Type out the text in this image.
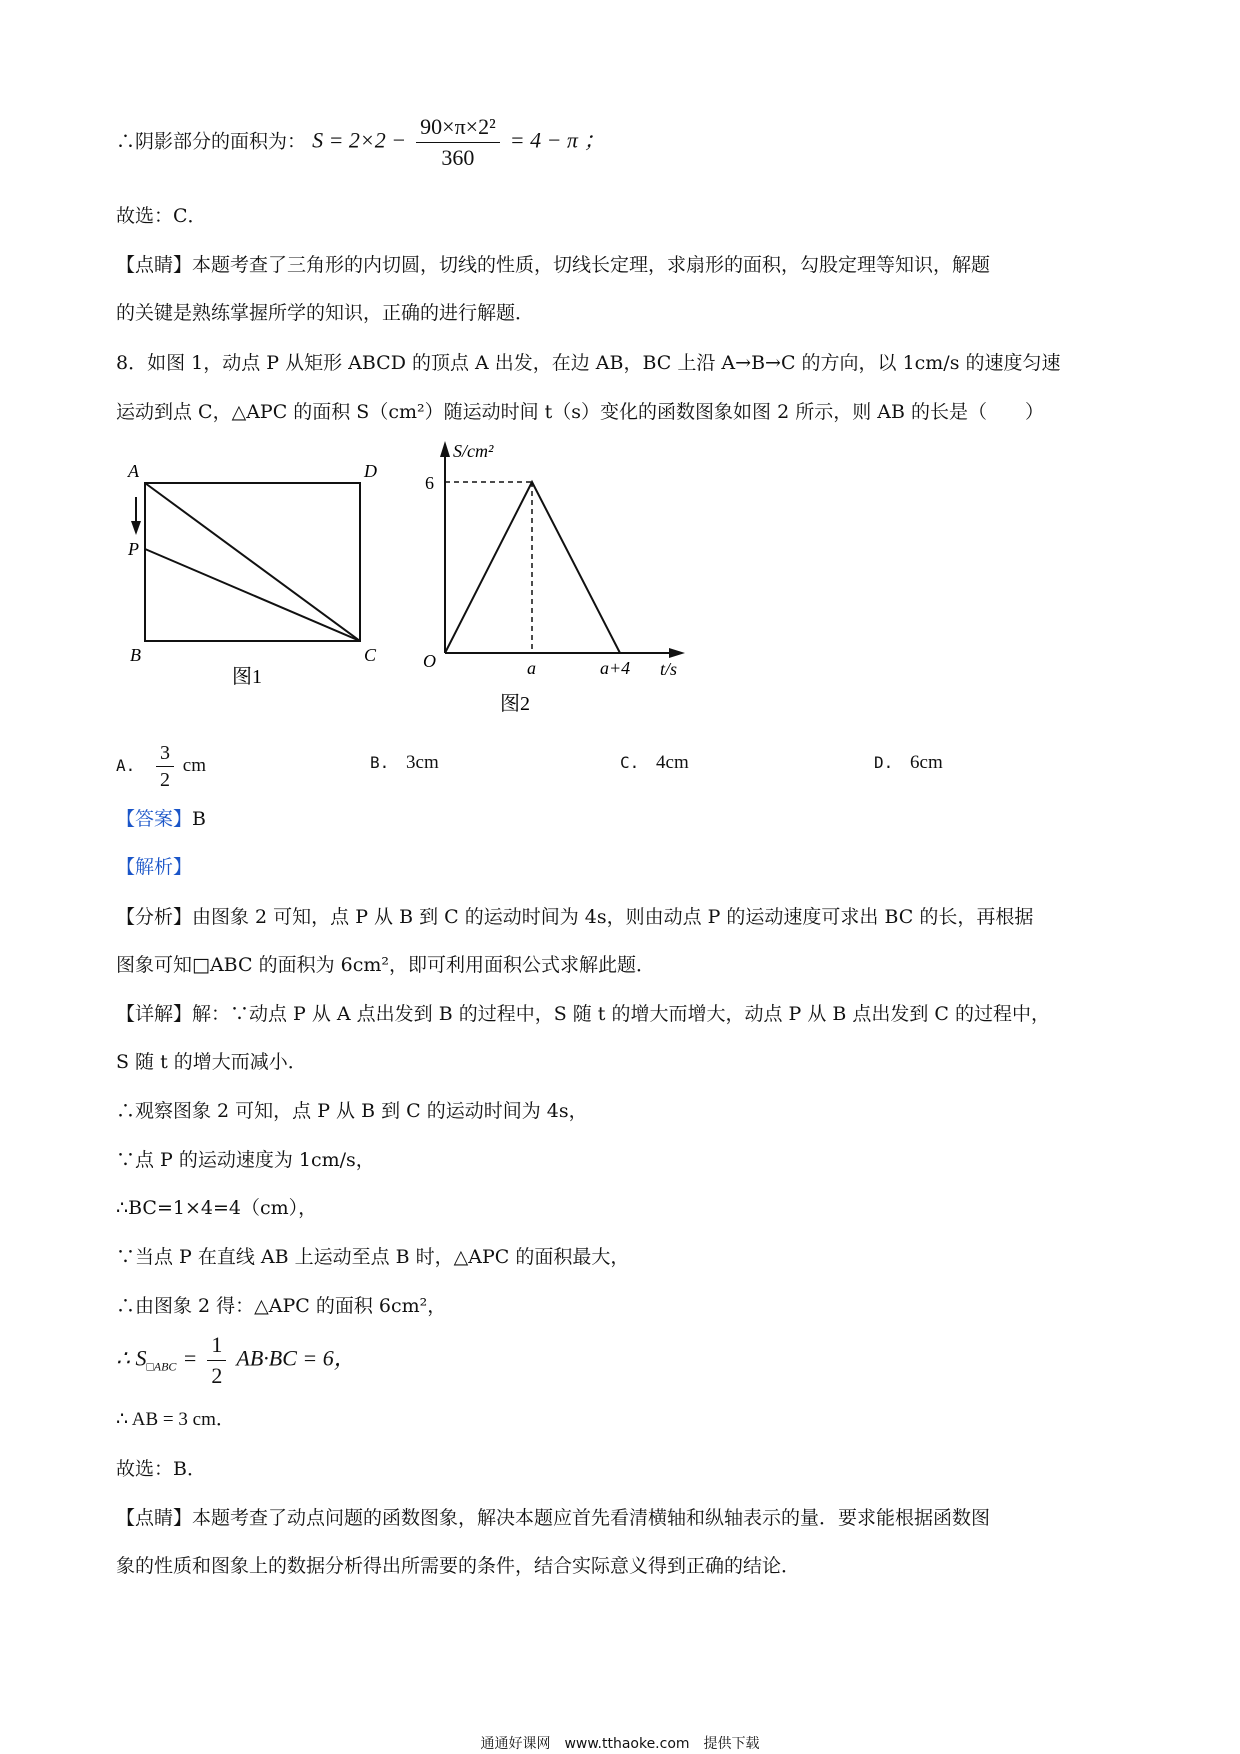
∴阴影部分的面积为： $S = 2\times 2 - \frac{\text{90×π×2²}}{360} = 4 - \pi$ ；
故选：C．
【点睛】本题考查了三角形的内切圆，切线的性质，切线长定理，求扇形的面积，勾股定理等知识，解题
的关键是熟练掌握所学的知识，正确的进行解题．
8．如图 1，动点 P 从矩形 ABCD 的顶点 A 出发，在边 AB，BC 上沿 A→B→C 的方向，以 1cm/s 的速度匀速
运动到点 C，△APC 的面积 S（cm²）随运动时间 t（s）变化的函数图象如图 2 所示，则 AB 的长是（　　）
A	D
P
B	C
图1
S/cm²
6
O	a	a+4 t/s
图2
A. $\frac{3}{2}$ cm	B. 3cm	C. 4cm	D. 6cm
【答案】B
【解析】
【分析】由图象 2 可知，点 P 从 B 到 C 的运动时间为 4s，则由动点 P 的运动速度可求出 BC 的长，再根据
图象可知□ABC 的面积为 6cm²，即可利用面积公式求解此题．
【详解】解：∵动点 P 从 A 点出发到 B 的过程中，S 随 t 的增大而增大，动点 P 从 B 点出发到 C 的过程中，
S 随 t 的增大而减小．
∴观察图象 2 可知，点 P 从 B 到 C 的运动时间为 4s，
∵点 P 的运动速度为 1cm/s，
∴BC=1×4=4（cm），
∵当点 P 在直线 AB 上运动至点 B 时，△APC 的面积最大，
∴由图象 2 得：△APC 的面积 6cm²，
∴ $S_{□ABC} = \frac{1}{2} AB\cdot BC = 6$，
∴ AB = 3 cm．
故选：B．
【点睛】本题考查了动点问题的函数图象，解决本题应首先看清横轴和纵轴表示的量．要求能根据函数图
象的性质和图象上的数据分析得出所需要的条件，结合实际意义得到正确的结论．
通通好课网　www.tthaoke.com　提供下载
